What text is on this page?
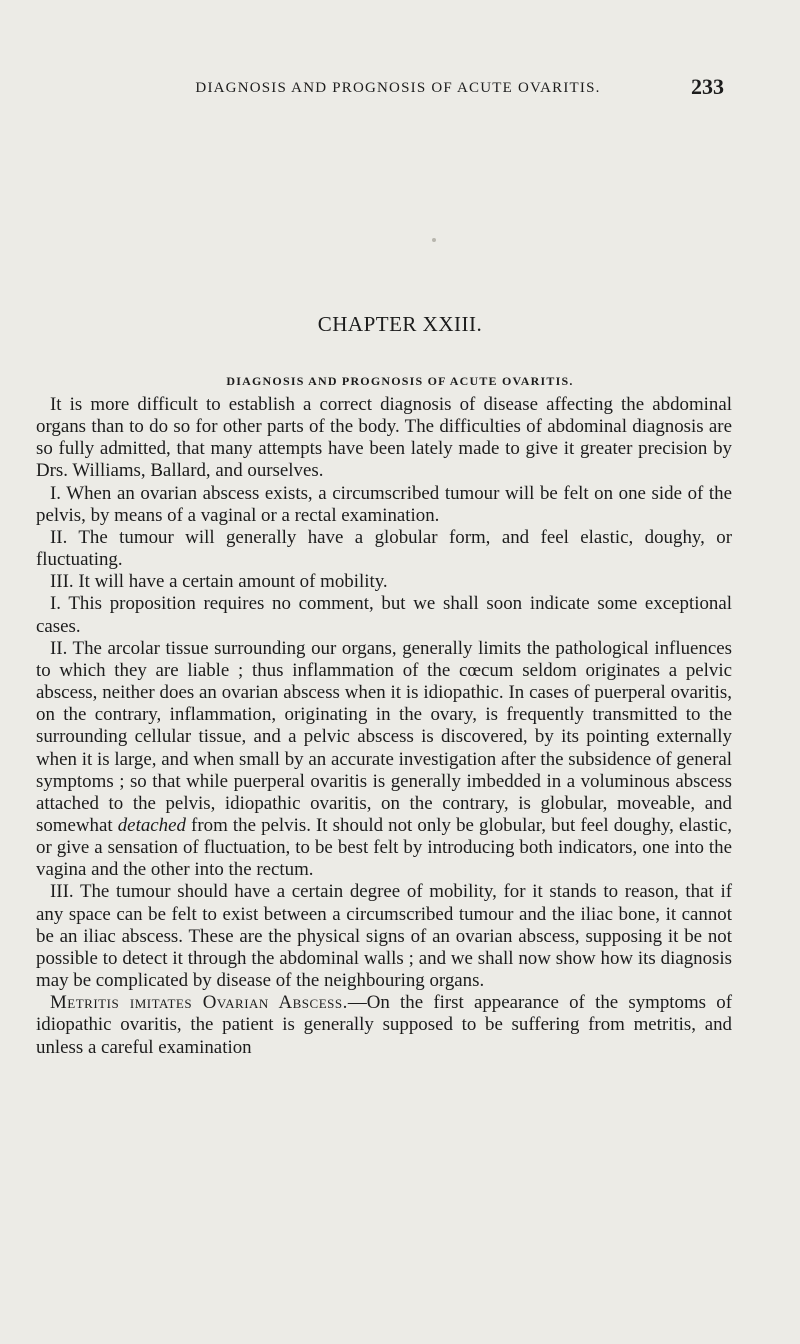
DIAGNOSIS AND PROGNOSIS OF ACUTE OVARITIS.	233
CHAPTER XXIII.
DIAGNOSIS AND PROGNOSIS OF ACUTE OVARITIS.

It is more difficult to establish a correct diagnosis of disease affecting the abdominal organs than to do so for other parts of the body. The difficulties of abdominal diagnosis are so fully admitted, that many attempts have been lately made to give it greater precision by Drs. Williams, Ballard, and ourselves.

I. When an ovarian abscess exists, a circumscribed tumour will be felt on one side of the pelvis, by means of a vaginal or a rectal examination.

II. The tumour will generally have a globular form, and feel elastic, doughy, or fluctuating.

III. It will have a certain amount of mobility.

I. This proposition requires no comment, but we shall soon indicate some exceptional cases.

II. The arcolar tissue surrounding our organs, generally limits the pathological influences to which they are liable ; thus inflammation of the cœcum seldom originates a pelvic abscess, neither does an ovarian abscess when it is idiopathic. In cases of puerperal ovaritis, on the contrary, inflammation, originating in the ovary, is frequently transmitted to the surrounding cellular tissue, and a pelvic abscess is discovered, by its pointing externally when it is large, and when small by an accurate investigation after the subsidence of general symptoms ; so that while puerperal ovaritis is generally imbedded in a voluminous abscess attached to the pelvis, idiopathic ovaritis, on the contrary, is globular, moveable, and somewhat detached from the pelvis. It should not only be globular, but feel doughy, elastic, or give a sensation of fluctuation, to be best felt by introducing both indicators, one into the vagina and the other into the rectum.

III. The tumour should have a certain degree of mobility, for it stands to reason, that if any space can be felt to exist between a circumscribed tumour and the iliac bone, it cannot be an iliac abscess. These are the physical signs of an ovarian abscess, supposing it be not possible to detect it through the abdominal walls ; and we shall now show how its diagnosis may be complicated by disease of the neighbouring organs.

Metritis imitates Ovarian Abscess.—On the first appearance of the symptoms of idiopathic ovaritis, the patient is generally supposed to be suffering from metritis, and unless a careful examination
